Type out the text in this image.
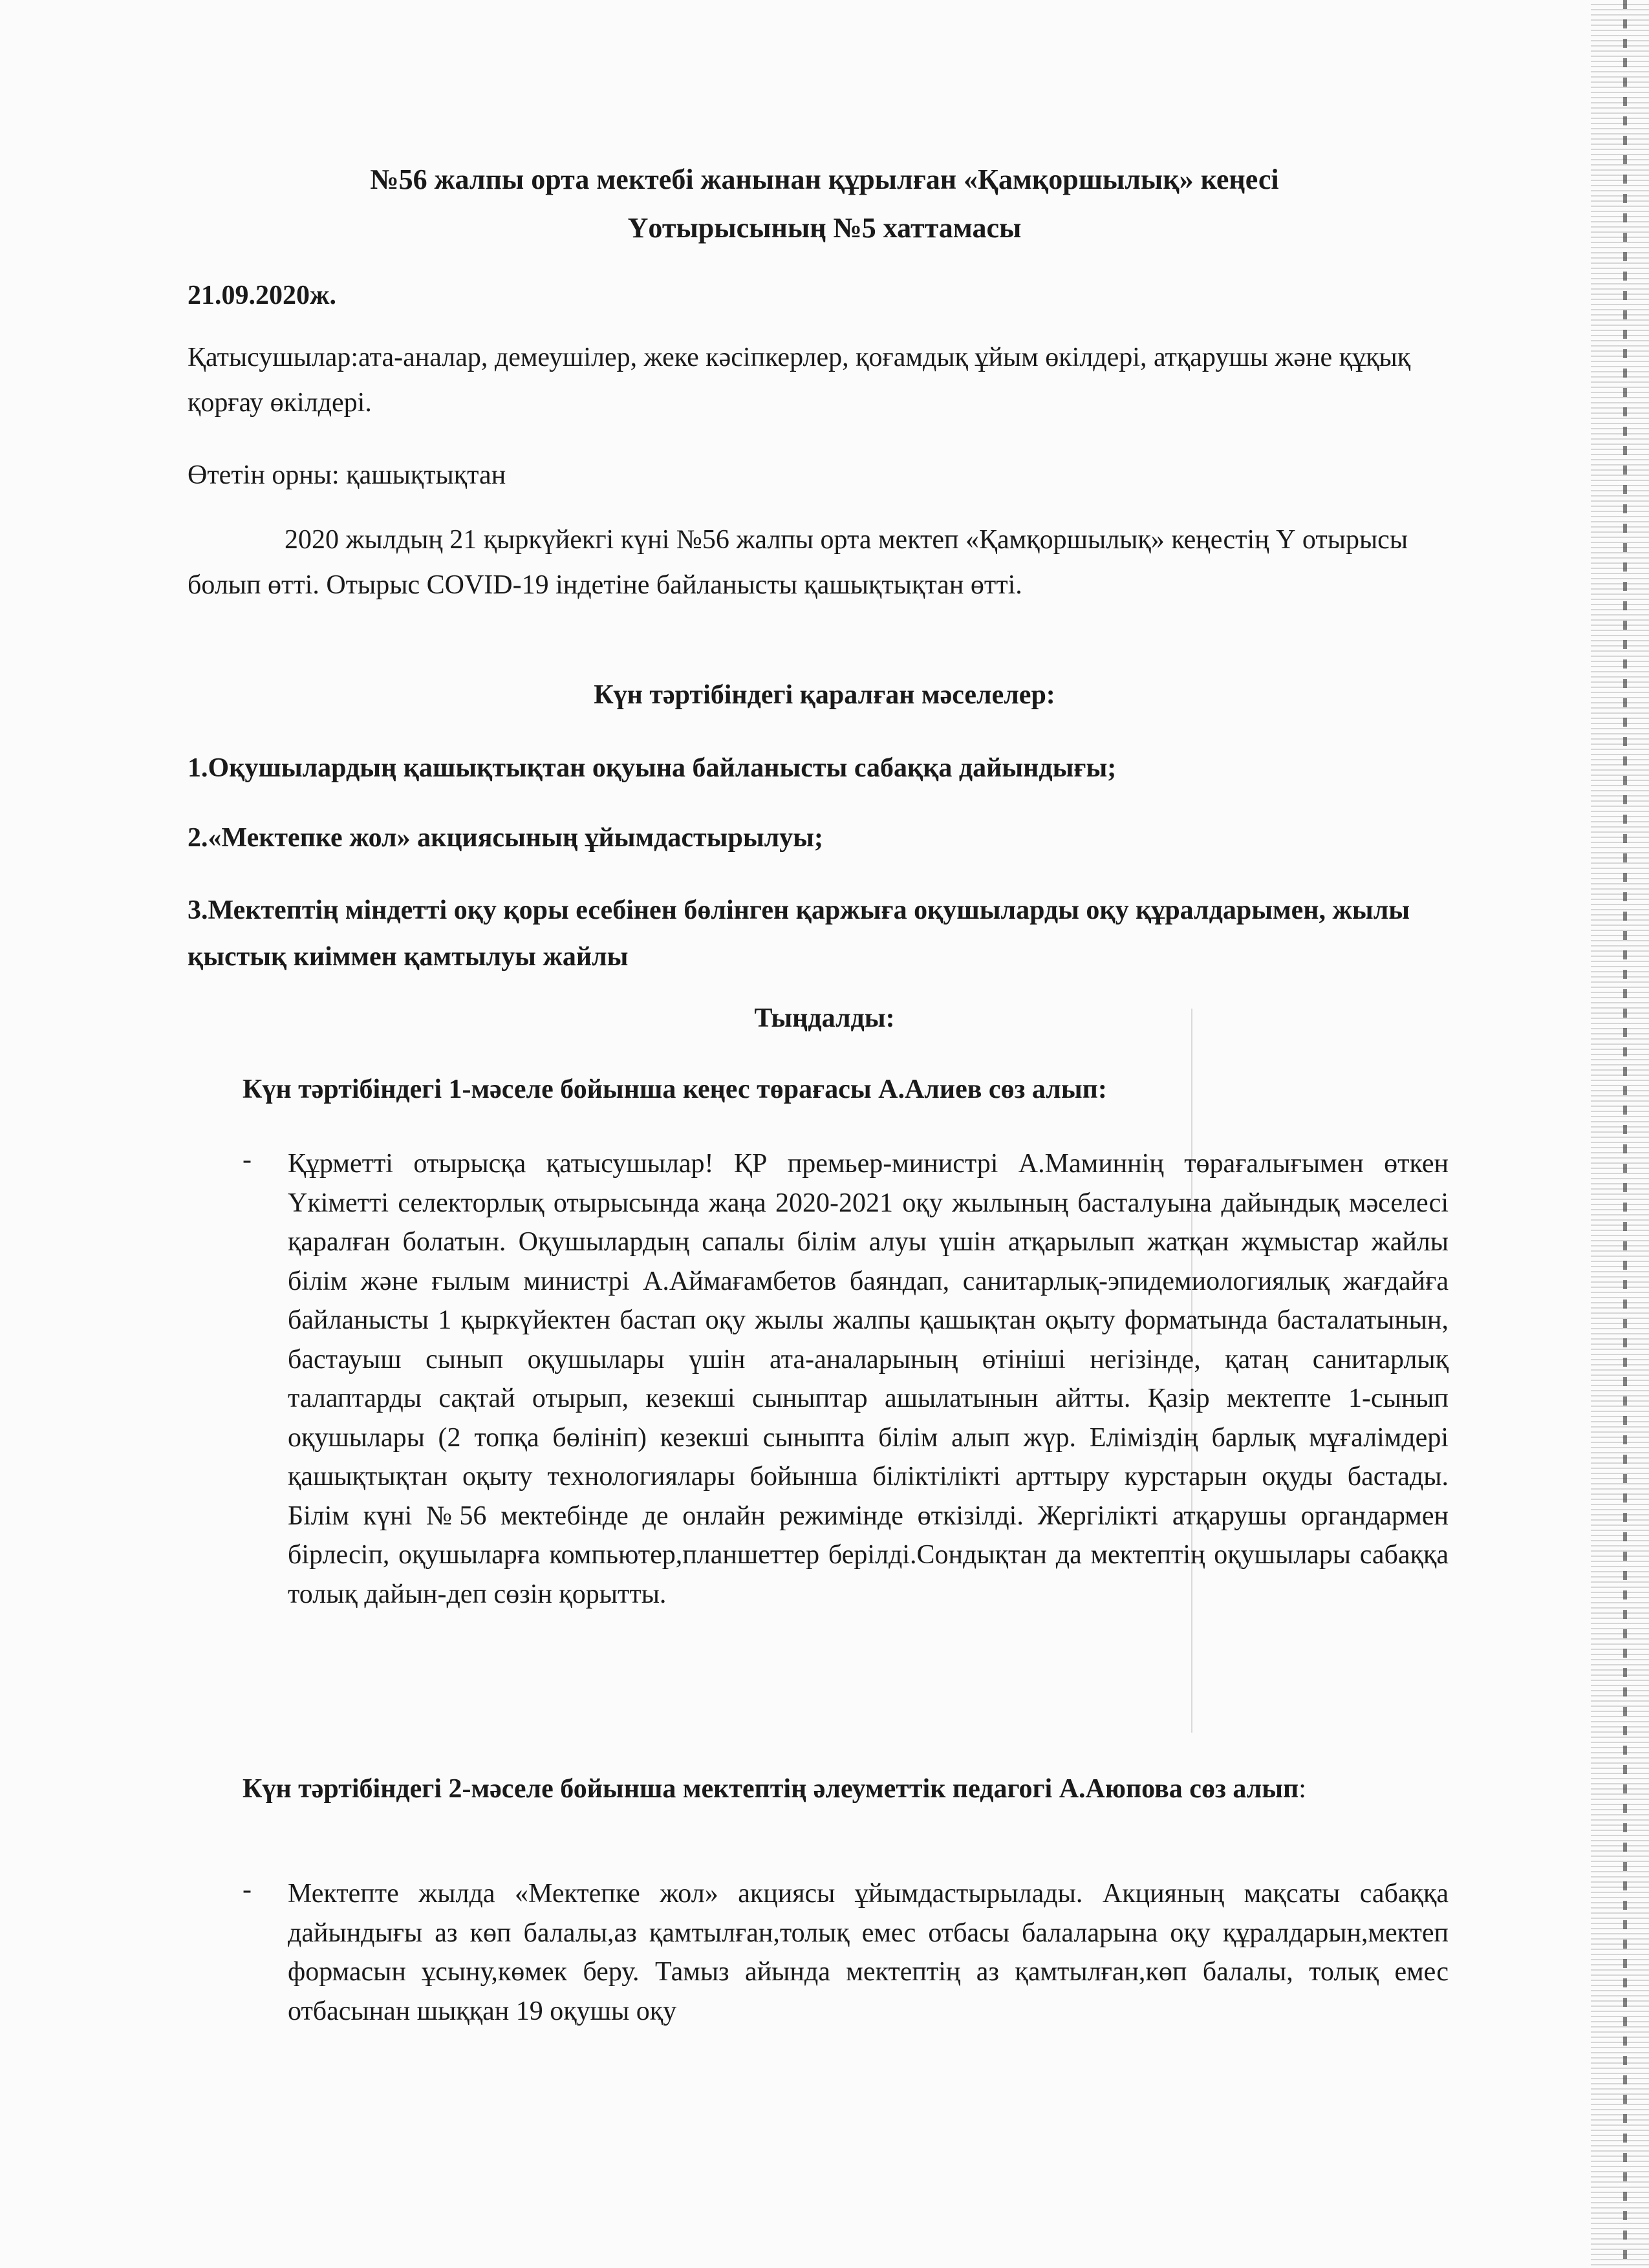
№56 жалпы орта мектебі жанынан құрылған «Қамқоршылық» кеңесі
Үотырысының №5 хаттамасы
21.09.2020ж.
Қатысушылар:ата-аналар, демеушілер, жеке кәсіпкерлер, қоғамдық ұйым өкілдері, атқарушы және құқық қорғау өкілдері.
Өтетін орны: қашықтықтан
2020 жылдың 21 қыркүйекгі күні №56 жалпы орта мектеп «Қамқоршылық» кеңестің Ү отырысы болып өтті. Отырыс COVID-19 індетіне байланысты қашықтықтан өтті.
Күн тәртібіндегі қаралған мәселелер:
1.Оқушылардың қашықтықтан оқуына байланысты сабаққа дайындығы;
2.«Мектепке жол» акциясының ұйымдастырылуы;
3.Мектептің міндетті оқу қоры есебінен бөлінген қаржыға оқушыларды оқу құралдарымен, жылы қыстық киіммен қамтылуы жайлы
Тыңдалды:
Күн тәртібіндегі 1-мәселе бойынша кеңес төрағасы А.Алиев сөз алып:
- Құрметті отырысқа қатысушылар! ҚР премьер-министрі А.Маминнің төрағалығымен өткен Үкіметті селекторлық отырысында жаңа 2020-2021 оқу жылының басталуына дайындық мәселесі қаралған болатын. Оқушылардың сапалы білім алуы үшін атқарылып жатқан жұмыстар жайлы білім және ғылым министрі А.Аймағамбетов баяндап, санитарлық-эпидемиологиялық жағдайға байланысты 1 қыркүйектен бастап оқу жылы жалпы қашықтан оқыту форматында басталатынын, бастауыш сынып оқушылары үшін ата-аналарының өтініші негізінде, қатаң санитарлық талаптарды сақтай отырып, кезекші сыныптар ашылатынын айтты. Қазір мектепте 1-сынып оқушылары (2 топқа бөлініп) кезекші сыныпта білім алып жүр. Еліміздің барлық мұғалімдері қашықтықтан оқыту технологиялары бойынша біліктілікті арттыру курстарын оқуды бастады. Білім күні №56 мектебінде де онлайн режимінде өткізілді. Жергілікті атқарушы органдармен бірлесіп, оқушыларға компьютер,планшеттер берілді.Сондықтан да мектептің оқушылары сабаққа толық дайын-деп сөзін қорытты.
Күн тәртібіндегі 2-мәселе бойынша мектептің әлеуметтік педагогі А.Аюпова сөз алып:
- Мектепте жылда «Мектепке жол» акциясы ұйымдастырылады. Акцияның мақсаты сабаққа дайындығы аз көп балалы,аз қамтылған,толық емес отбасы балаларына оқу құралдарын,мектеп формасын ұсыну,көмек беру. Тамыз айында мектептің аз қамтылған,көп балалы, толық емес отбасынан шыққан 19 оқушы оқу
